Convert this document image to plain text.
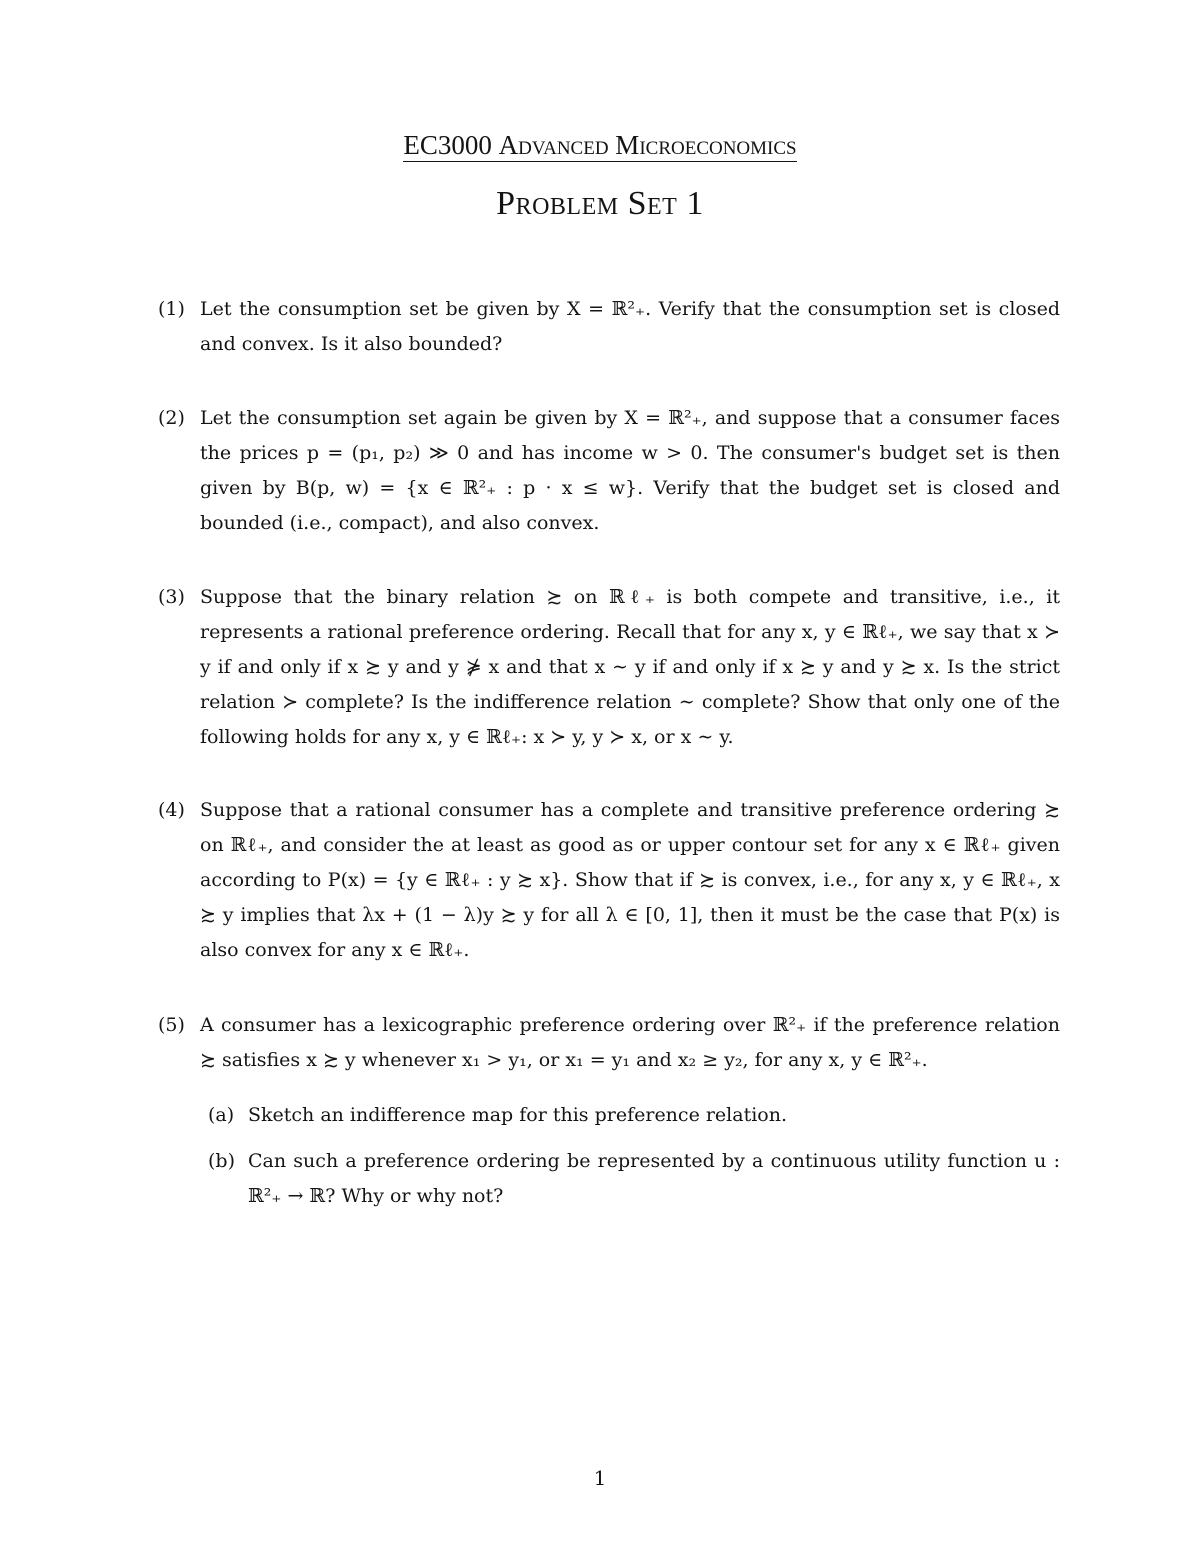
EC3000 Advanced Microeconomics
Problem Set 1
(1) Let the consumption set be given by X = ℝ²₊. Verify that the consumption set is closed and convex. Is it also bounded?
(2) Let the consumption set again be given by X = ℝ²₊, and suppose that a consumer faces the prices p = (p₁, p₂) ≫ 0 and has income w > 0. The consumer's budget set is then given by B(p, w) = {x ∈ ℝ²₊ : p · x ≤ w}. Verify that the budget set is closed and bounded (i.e., compact), and also convex.
(3) Suppose that the binary relation ≿ on ℝℓ₊ is both compete and transitive, i.e., it represents a rational preference ordering. Recall that for any x, y ∈ ℝℓ₊, we say that x ≻ y if and only if x ≿ y and y ⋡ x and that x ∼ y if and only if x ≿ y and y ≿ x. Is the strict relation ≻ complete? Is the indifference relation ∼ complete? Show that only one of the following holds for any x, y ∈ ℝℓ₊: x ≻ y, y ≻ x, or x ∼ y.
(4) Suppose that a rational consumer has a complete and transitive preference ordering ≿ on ℝℓ₊, and consider the at least as good as or upper contour set for any x ∈ ℝℓ₊ given according to P(x) = {y ∈ ℝℓ₊ : y ≿ x}. Show that if ≿ is convex, i.e., for any x, y ∈ ℝℓ₊, x ≿ y implies that λx + (1 − λ)y ≿ y for all λ ∈ [0, 1], then it must be the case that P(x) is also convex for any x ∈ ℝℓ₊.
(5) A consumer has a lexicographic preference ordering over ℝ²₊ if the preference relation ≿ satisfies x ≿ y whenever x₁ > y₁, or x₁ = y₁ and x₂ ≥ y₂, for any x, y ∈ ℝ²₊.
(a) Sketch an indifference map for this preference relation.
(b) Can such a preference ordering be represented by a continuous utility function u : ℝ²₊ → ℝ? Why or why not?
1
